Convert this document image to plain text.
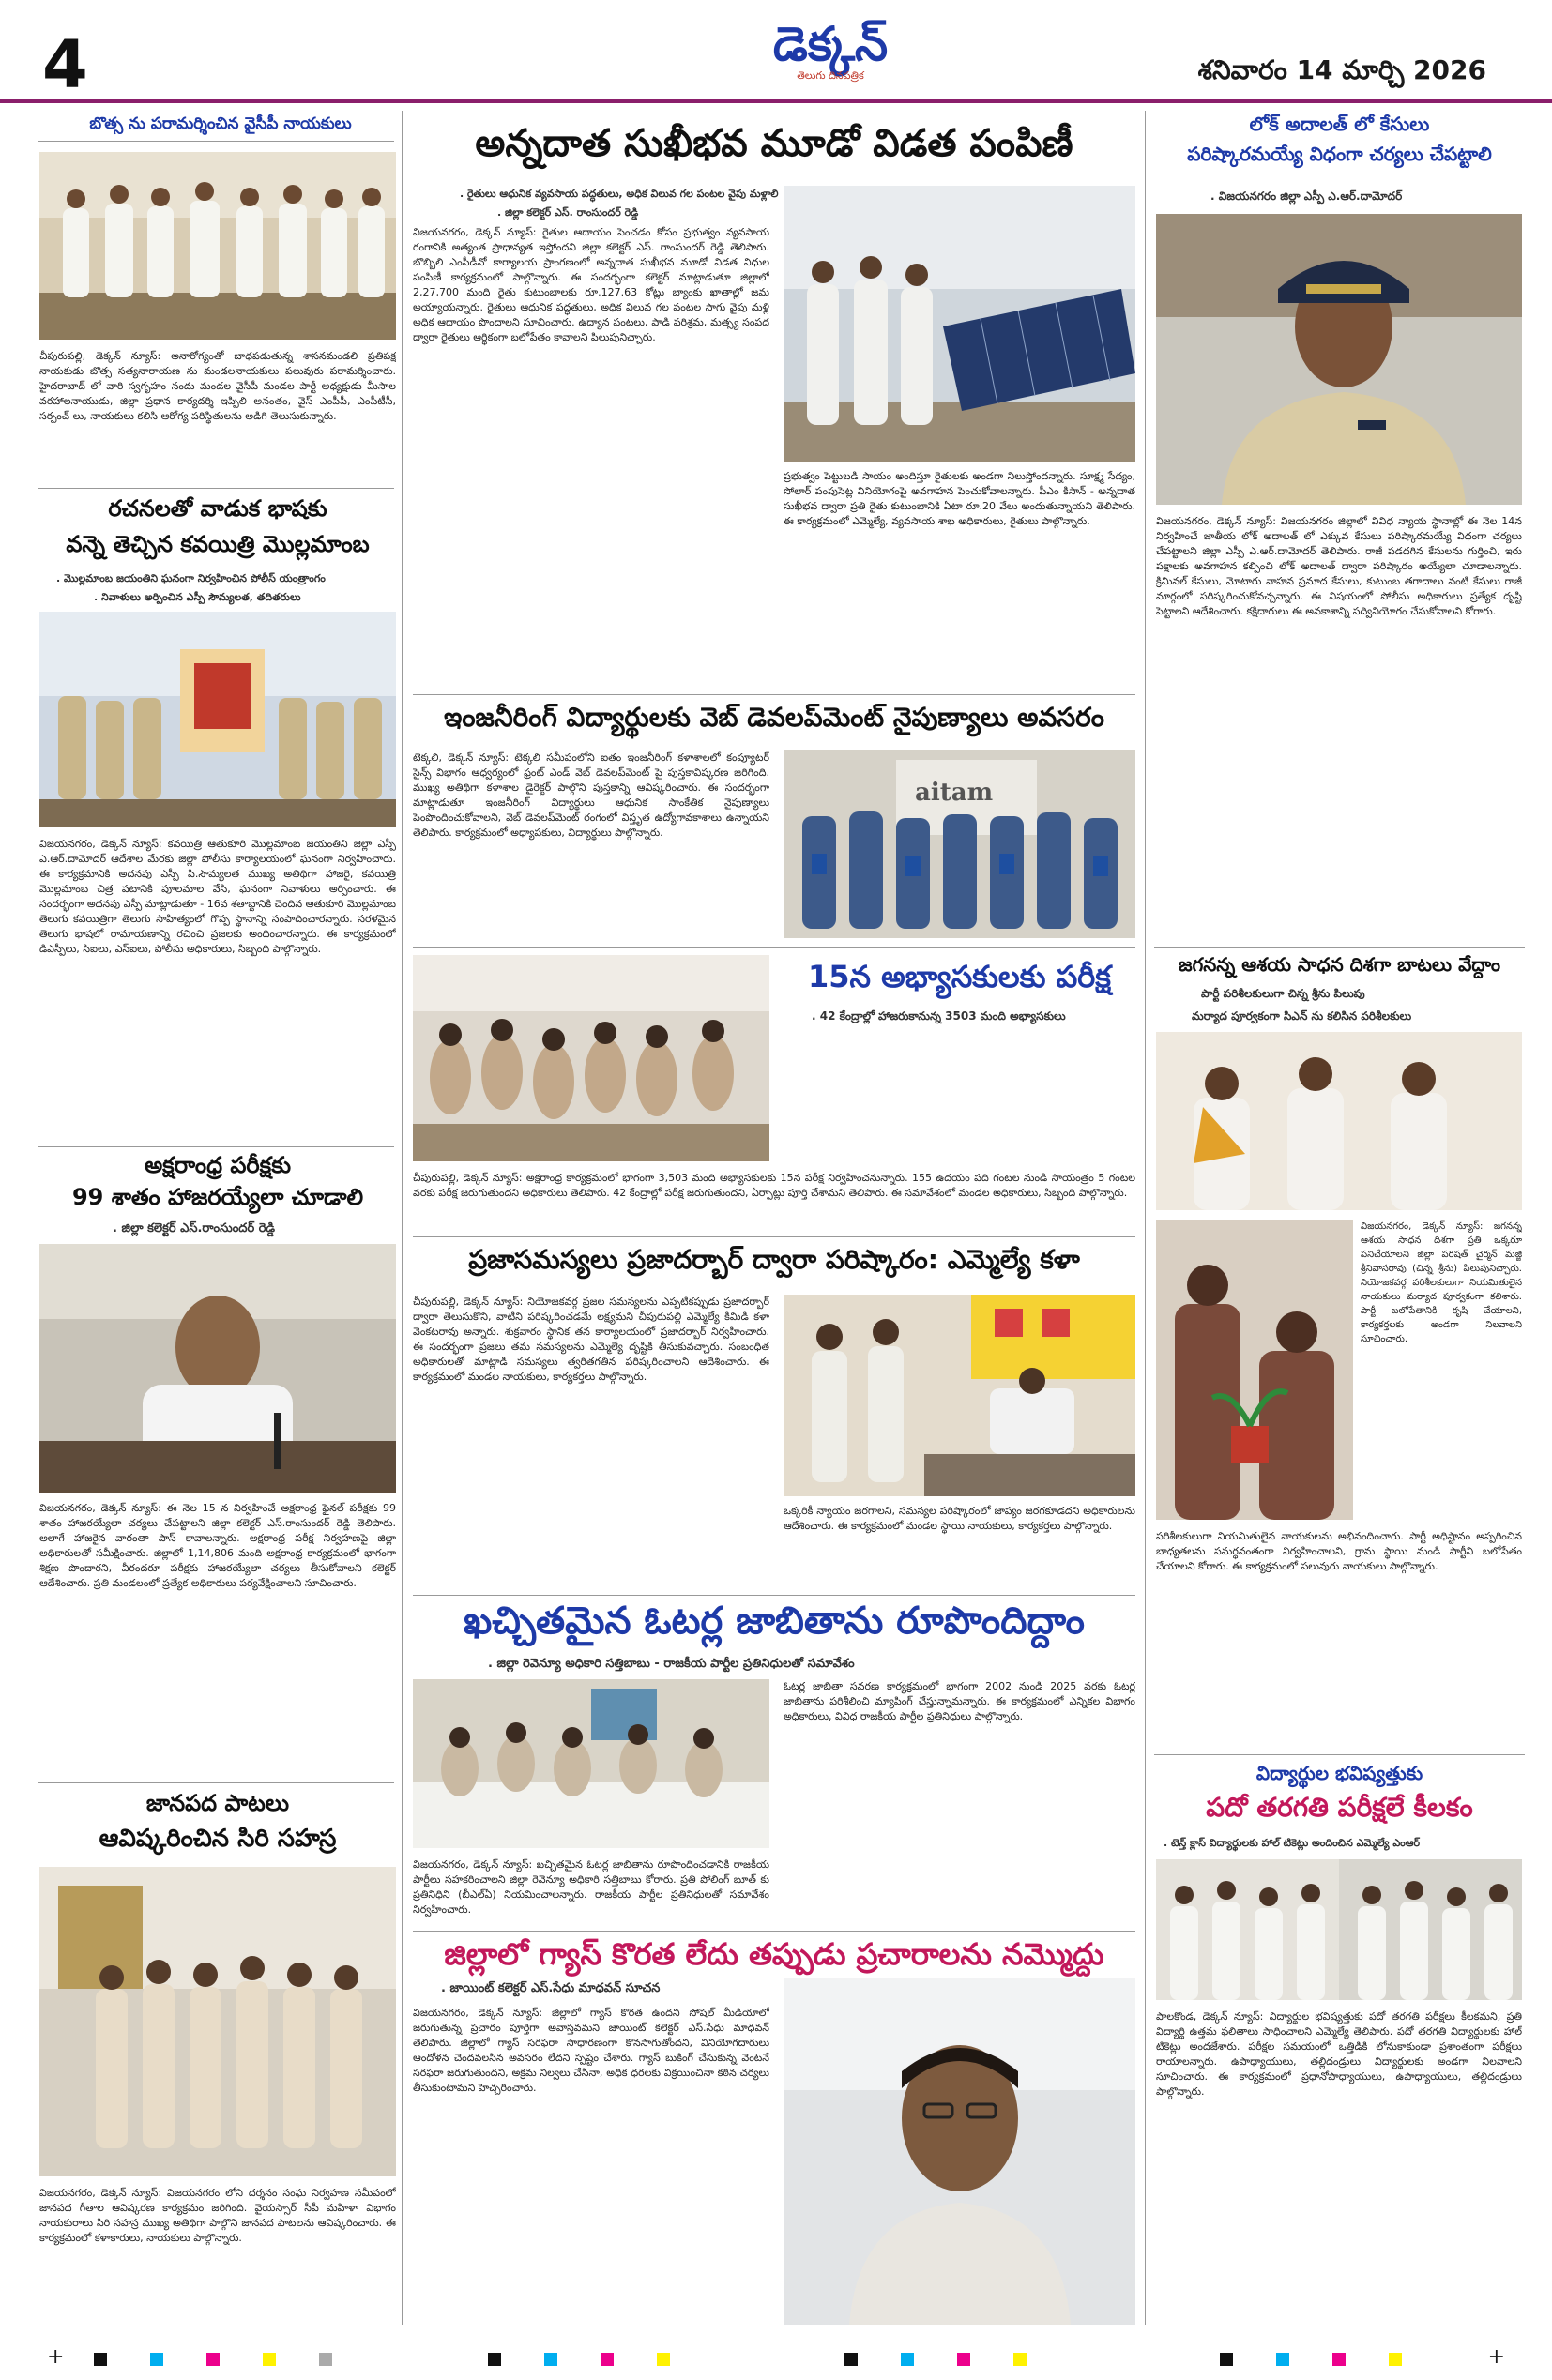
4	డెక్కన్
తెలుగు దినపత్రిక	శనివారం 14 మార్చి 2026
బొత్స ను పరామర్శించిన వైసీపీ నాయకులు
చీపురుపల్లి, డెక్కన్ న్యూస్: అనారోగ్యంతో బాధపడుతున్న శాసనమండలి ప్రతిపక్ష నాయకుడు బొత్స సత్యనారాయణ ను మండలనాయకులు పలువురు పరామర్శించారు. హైదరాబాద్ లో వారి స్వగృహం నందు మండల వైసీపీ మండల పార్టీ అధ్యక్షుడు మీసాల వరహాలనాయుడు, జిల్లా ప్రధాన కార్యదర్శి ఇప్పిలి అనంతం, వైస్ ఎంపీపీ, ఎంపీటీసీ, సర్పంచ్ లు, నాయకులు కలిసి ఆరోగ్య పరిస్థితులను అడిగి తెలుసుకున్నారు.
రచనలతో వాడుక భాషకు
వన్నె తెచ్చిన కవయిత్రి మొల్లమాంబ
. మొల్లమాంబ జయంతిని ఘనంగా నిర్వహించిన పోలీస్ యంత్రాంగం
. నివాళులు అర్పించిన ఎస్పీ సౌమ్యలత, తదితరులు
విజయనగరం, డెక్కన్ న్యూస్: కవయిత్రి ఆతుకూరి మొల్లమాంబ జయంతిని జిల్లా ఎస్పీ ఎ.ఆర్.దామోదర్ ఆదేశాల మేరకు జిల్లా పోలీసు కార్యాలయంలో ఘనంగా నిర్వహించారు. ఈ కార్యక్రమానికి అదనపు ఎస్పీ పి.సౌమ్యలత ముఖ్య అతిథిగా హాజరై, కవయిత్రి మొల్లమాంబ చిత్ర పటానికి పూలమాల వేసి, ఘనంగా నివాళులు అర్పించారు. ఈ సందర్భంగా అదనపు ఎస్పీ మాట్లాడుతూ - 16వ శతాబ్దానికి చెందిన ఆతుకూరి మొల్లమాంబ తెలుగు కవయిత్రిగా తెలుగు సాహిత్యంలో గొప్ప స్థానాన్ని సంపాదించారన్నారు. సరళమైన తెలుగు భాషలో రామాయణాన్ని రచించి ప్రజలకు అందించారన్నారు. ఈ కార్యక్రమంలో డిఎస్పీలు, సిఐలు, ఎస్ఐలు, పోలీసు అధికారులు, సిబ్బంది పాల్గొన్నారు.
అక్షరాంధ్ర పరీక్షకు
99 శాతం హాజరయ్యేలా చూడాలి
. జిల్లా కలెక్టర్ ఎస్.రాంసుందర్ రెడ్డి
విజయనగరం, డెక్కన్ న్యూస్: ఈ నెల 15 న నిర్వహించే అక్షరాంధ్ర ఫైనల్ పరీక్షకు 99 శాతం హాజరయ్యేలా చర్యలు చేపట్టాలని జిల్లా కలెక్టర్ ఎస్.రాంసుందర్ రెడ్డి తెలిపారు. అలాగే హాజరైన వారంతా పాస్ కావాలన్నారు. అక్షరాంధ్ర పరీక్ష నిర్వహణపై జిల్లా అధికారులతో సమీక్షించారు. జిల్లాలో 1,14,806 మంది అక్షరాంధ్ర కార్యక్రమంలో భాగంగా శిక్షణ పొందారని, వీరందరూ పరీక్షకు హాజరయ్యేలా చర్యలు తీసుకోవాలని కలెక్టర్ ఆదేశించారు. ప్రతి మండలంలో ప్రత్యేక అధికారులు పర్యవేక్షించాలని సూచించారు.
జానపద పాటలు
ఆవిష్కరించిన సిరి సహస్ర
విజయనగరం, డెక్కన్ న్యూస్: విజయనగరం లోని దర్శనం సంఘ నిర్వహణ సమీపంలో జానపద గీతాల ఆవిష్కరణ కార్యక్రమం జరిగింది. వైయస్సార్ సీపీ మహిళా విభాగం నాయకురాలు సిరి సహస్ర ముఖ్య అతిథిగా పాల్గొని జానపద పాటలను ఆవిష్కరించారు. ఈ కార్యక్రమంలో కళాకారులు, నాయకులు పాల్గొన్నారు.
అన్నదాత సుఖీభవ మూడో విడత పంపిణీ
. రైతులు ఆధునిక వ్యవసాయ పద్ధతులు, అధిక విలువ గల పంటల వైపు మళ్లాలి
. జిల్లా కలెక్టర్ ఎస్. రాంసుందర్ రెడ్డి
విజయనగరం, డెక్కన్ న్యూస్: రైతుల ఆదాయం పెంచడం కోసం ప్రభుత్వం వ్యవసాయ రంగానికి అత్యంత ప్రాధాన్యత ఇస్తోందని జిల్లా కలెక్టర్ ఎస్. రాంసుందర్ రెడ్డి తెలిపారు. బొబ్బిలి ఎంపీడీవో కార్యాలయ ప్రాంగణంలో అన్నదాత సుఖీభవ మూడో విడత నిధుల పంపిణీ కార్యక్రమంలో పాల్గొన్నారు. ఈ సందర్భంగా కలెక్టర్ మాట్లాడుతూ జిల్లాలో 2,27,700 మంది రైతు కుటుంబాలకు రూ.127.63 కోట్లు బ్యాంకు ఖాతాల్లో జమ అయ్యాయన్నారు. రైతులు ఆధునిక పద్ధతులు, అధిక విలువ గల పంటల సాగు వైపు మళ్లి అధిక ఆదాయం పొందాలని సూచించారు. ఉద్యాన పంటలు, పాడి పరిశ్రమ, మత్స్య సంపద ద్వారా రైతులు ఆర్థికంగా బలోపేతం కావాలని పిలుపునిచ్చారు.
ప్రభుత్వం పెట్టుబడి సాయం అందిస్తూ రైతులకు అండగా నిలుస్తోందన్నారు. సూక్ష్మ సేద్యం, సోలార్ పంపుసెట్ల వినియోగంపై అవగాహన పెంచుకోవాలన్నారు. పీఎం కిసాన్ - అన్నదాత సుఖీభవ ద్వారా ప్రతి రైతు కుటుంబానికి ఏటా రూ.20 వేలు అందుతున్నాయని తెలిపారు. ఈ కార్యక్రమంలో ఎమ్మెల్యే, వ్యవసాయ శాఖ అధికారులు, రైతులు పాల్గొన్నారు.
ఇంజనీరింగ్ విద్యార్థులకు వెబ్ డెవలప్‌మెంట్ నైపుణ్యాలు అవసరం
టెక్కలి, డెక్కన్ న్యూస్: టెక్కలి సమీపంలోని ఐతం ఇంజనీరింగ్ కళాశాలలో కంప్యూటర్ సైన్స్ విభాగం ఆధ్వర్యంలో ఫ్రంట్ ఎండ్ వెబ్ డెవలప్‌మెంట్ పై పుస్తకావిష్కరణ జరిగింది. ముఖ్య అతిథిగా కళాశాల డైరెక్టర్ పాల్గొని పుస్తకాన్ని ఆవిష్కరించారు. ఈ సందర్భంగా మాట్లాడుతూ ఇంజనీరింగ్ విద్యార్థులు ఆధునిక సాంకేతిక నైపుణ్యాలు పెంపొందించుకోవాలని, వెబ్ డెవలప్‌మెంట్ రంగంలో విస్తృత ఉద్యోగావకాశాలు ఉన్నాయని తెలిపారు. కార్యక్రమంలో అధ్యాపకులు, విద్యార్థులు పాల్గొన్నారు.
aitam
15న అభ్యాసకులకు పరీక్ష
. 42 కేంద్రాల్లో హాజరుకానున్న 3503 మంది అభ్యాసకులు
చీపురుపల్లి, డెక్కన్ న్యూస్: అక్షరాంధ్ర కార్యక్రమంలో భాగంగా 3,503 మంది అభ్యాసకులకు 15న పరీక్ష నిర్వహించనున్నారు. 155 ఉదయం పది గంటల నుండి సాయంత్రం 5 గంటల వరకు పరీక్ష జరుగుతుందని అధికారులు తెలిపారు. 42 కేంద్రాల్లో పరీక్ష జరుగుతుందని, ఏర్పాట్లు పూర్తి చేశామని తెలిపారు. ఈ సమావేశంలో మండల అధికారులు, సిబ్బంది పాల్గొన్నారు.
ప్రజాసమస్యలు ప్రజాదర్బార్ ద్వారా పరిష్కారం: ఎమ్మెల్యే కళా
చీపురుపల్లి, డెక్కన్ న్యూస్: నియోజకవర్గ ప్రజల సమస్యలను ఎప్పటికప్పుడు ప్రజాదర్బార్ ద్వారా తెలుసుకొని, వాటిని పరిష్కరించడమే లక్ష్యమని చీపురుపల్లి ఎమ్మెల్యే కిమిడి కళా వెంకటరావు అన్నారు. శుక్రవారం స్థానిక తన కార్యాలయంలో ప్రజాదర్బార్ నిర్వహించారు. ఈ సందర్భంగా ప్రజలు తమ సమస్యలను ఎమ్మెల్యే దృష్టికి తీసుకువచ్చారు. సంబంధిత అధికారులతో మాట్లాడి సమస్యలు త్వరితగతిన పరిష్కరించాలని ఆదేశించారు. ఈ కార్యక్రమంలో మండల నాయకులు, కార్యకర్తలు పాల్గొన్నారు.
ఒక్కరికీ న్యాయం జరగాలని, సమస్యల పరిష్కారంలో జాప్యం జరగకూడదని అధికారులను ఆదేశించారు. ఈ కార్యక్రమంలో మండల స్థాయి నాయకులు, కార్యకర్తలు పాల్గొన్నారు.
ఖచ్చితమైన ఓటర్ల జాబితాను రూపొందిద్దాం
. జిల్లా రెవెన్యూ అధికారి సత్తిబాబు - రాజకీయ పార్టీల ప్రతినిధులతో సమావేశం
విజయనగరం, డెక్కన్ న్యూస్: ఖచ్చితమైన ఓటర్ల జాబితాను రూపొందించడానికి రాజకీయ పార్టీలు సహకరించాలని జిల్లా రెవెన్యూ అధికారి సత్తిబాబు కోరారు. ప్రతి పోలింగ్ బూత్ కు ప్రతినిధిని (బీఎల్ఏ) నియమించాలన్నారు. రాజకీయ పార్టీల ప్రతినిధులతో సమావేశం నిర్వహించారు.
ఓటర్ల జాబితా సవరణ కార్యక్రమంలో భాగంగా 2002 నుండి 2025 వరకు ఓటర్ల జాబితాను పరిశీలించి మ్యాపింగ్ చేస్తున్నామన్నారు. ఈ కార్యక్రమంలో ఎన్నికల విభాగం అధికారులు, వివిధ రాజకీయ పార్టీల ప్రతినిధులు పాల్గొన్నారు.
జిల్లాలో గ్యాస్ కొరత లేదు తప్పుడు ప్రచారాలను నమ్మొద్దు
. జాయింట్ కలెక్టర్ ఎస్.సేధు మాధవన్ సూచన
విజయనగరం, డెక్కన్ న్యూస్: జిల్లాలో గ్యాస్ కొరత ఉందని సోషల్ మీడియాలో జరుగుతున్న ప్రచారం పూర్తిగా అవాస్తవమని జాయింట్ కలెక్టర్ ఎస్.సేధు మాధవన్ తెలిపారు. జిల్లాలో గ్యాస్ సరఫరా సాధారణంగా కొనసాగుతోందని, వినియోగదారులు ఆందోళన చెందవలసిన అవసరం లేదని స్పష్టం చేశారు. గ్యాస్ బుకింగ్ చేసుకున్న వెంటనే సరఫరా జరుగుతుందని, అక్రమ నిల్వలు చేసినా, అధిక ధరలకు విక్రయించినా కఠిన చర్యలు తీసుకుంటామని హెచ్చరించారు.
లోక్ అదాలత్ లో కేసులు
పరిష్కారమయ్యే విధంగా చర్యలు చేపట్టాలి
. విజయనగరం జిల్లా ఎస్పీ ఎ.ఆర్.దామోదర్
విజయనగరం, డెక్కన్ న్యూస్: విజయనగరం జిల్లాలో వివిధ న్యాయ స్థానాల్లో ఈ నెల 14న నిర్వహించే జాతీయ లోక్ అదాలత్ లో ఎక్కువ కేసులు పరిష్కారమయ్యే విధంగా చర్యలు చేపట్టాలని జిల్లా ఎస్పీ ఎ.ఆర్.దామోదర్ తెలిపారు. రాజీ పడదగిన కేసులను గుర్తించి, ఇరు పక్షాలకు అవగాహన కల్పించి లోక్ అదాలత్ ద్వారా పరిష్కారం అయ్యేలా చూడాలన్నారు. క్రిమినల్ కేసులు, మోటారు వాహన ప్రమాద కేసులు, కుటుంబ తగాదాలు వంటి కేసులు రాజీ మార్గంలో పరిష్కరించుకోవచ్చన్నారు. ఈ విషయంలో పోలీసు అధికారులు ప్రత్యేక దృష్టి పెట్టాలని ఆదేశించారు. కక్షిదారులు ఈ అవకాశాన్ని సద్వినియోగం చేసుకోవాలని కోరారు.
జగనన్న ఆశయ సాధన దిశగా బాటలు వేద్దాం
పార్టీ పరిశీలకులుగా చిన్న శ్రీను పిలుపు
మర్యాద పూర్వకంగా సిఎన్ ను కలిసిన పరిశీలకులు
విజయనగరం, డెక్కన్ న్యూస్: జగనన్న ఆశయ సాధన దిశగా ప్రతి ఒక్కరూ పనిచేయాలని జిల్లా పరిషత్ చైర్మన్ మజ్జి శ్రీనివాసరావు (చిన్న శ్రీను) పిలుపునిచ్చారు. నియోజకవర్గ పరిశీలకులుగా నియమితులైన నాయకులు మర్యాద పూర్వకంగా కలిశారు. పార్టీ బలోపేతానికి కృషి చేయాలని, కార్యకర్తలకు అండగా నిలవాలని సూచించారు.
పరిశీలకులుగా నియమితులైన నాయకులను అభినందించారు. పార్టీ అధిష్టానం అప్పగించిన బాధ్యతలను సమర్థవంతంగా నిర్వహించాలని, గ్రామ స్థాయి నుండి పార్టీని బలోపేతం చేయాలని కోరారు. ఈ కార్యక్రమంలో పలువురు నాయకులు పాల్గొన్నారు.
విద్యార్థుల భవిష్యత్తుకు
పదో తరగతి పరీక్షలే కీలకం
. టెన్త్ క్లాస్ విద్యార్థులకు హాల్ టికెట్లు అందించిన ఎమ్మెల్యే ఎంఆర్
పాలకొండ, డెక్కన్ న్యూస్: విద్యార్థుల భవిష్యత్తుకు పదో తరగతి పరీక్షలు కీలకమని, ప్రతి విద్యార్థి ఉత్తమ ఫలితాలు సాధించాలని ఎమ్మెల్యే తెలిపారు. పదో తరగతి విద్యార్థులకు హాల్ టికెట్లు అందజేశారు. పరీక్షల సమయంలో ఒత్తిడికి లోనుకాకుండా ప్రశాంతంగా పరీక్షలు రాయాలన్నారు. ఉపాధ్యాయులు, తల్లిదండ్రులు విద్యార్థులకు అండగా నిలవాలని సూచించారు. ఈ కార్యక్రమంలో ప్రధానోపాధ్యాయులు, ఉపాధ్యాయులు, తల్లిదండ్రులు పాల్గొన్నారు.
+	+
